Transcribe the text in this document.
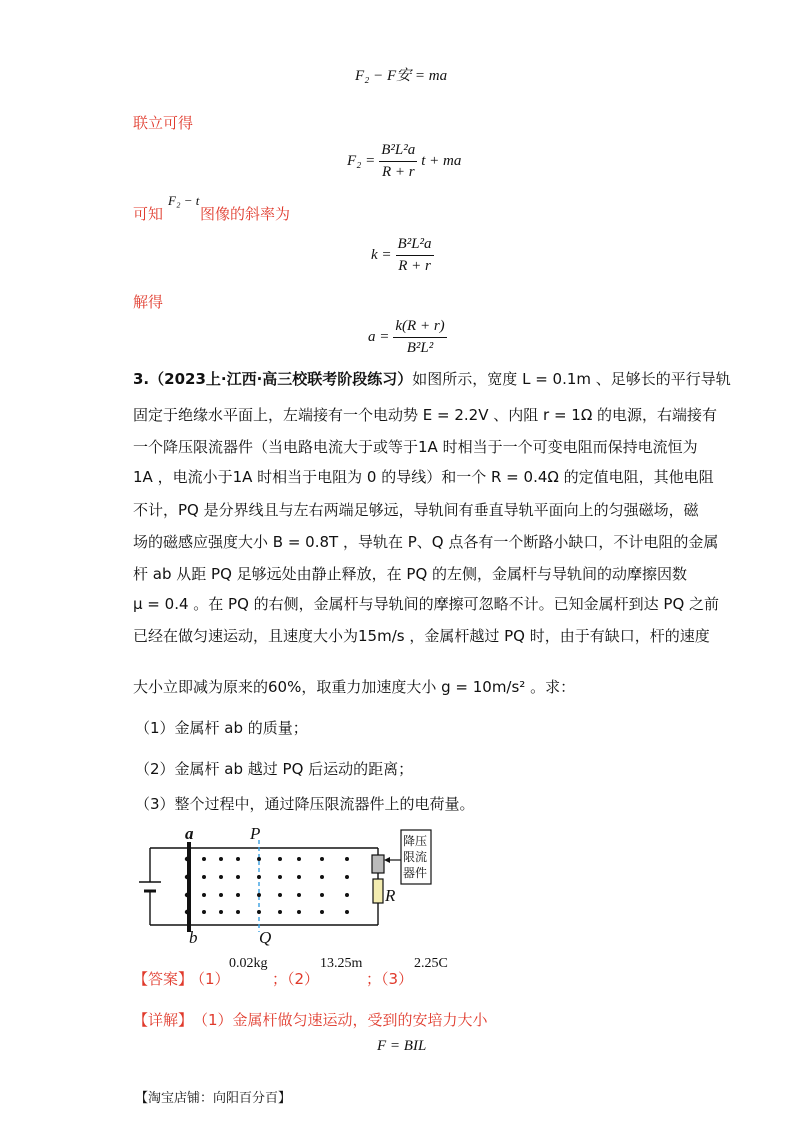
F₂ − F安 = ma
联立可得
$F_2 = \frac{\text{B²L²a}}{R + r}$ t + ma
可知
F₂ − t
图像的斜率为
$k = \frac{\text{B²L²a}}{R + r}$
解得
$a = \frac{k(R + r)}{\text{B²L²}}$
3.（2023上·江西·高三校联考阶段练习）如图所示，宽度 L = 0.1m 、足够长的平行导轨
固定于绝缘水平面上，左端接有一个电动势 E = 2.2V 、内阻 r = 1Ω 的电源，右端接有
一个降压限流器件（当电路电流大于或等于1A 时相当于一个可变电阻而保持电流恒为
1A ，电流小于1A 时相当于电阻为 0 的导线）和一个 R = 0.4Ω 的定值电阻，其他电阻
不计，PQ 是分界线且与左右两端足够远，导轨间有垂直导轨平面向上的匀强磁场，磁
场的磁感应强度大小 B = 0.8T ，导轨在 P、Q 点各有一个断路小缺口，不计电阻的金属
杆 ab 从距 PQ 足够远处由静止释放，在 PQ 的左侧，金属杆与导轨间的动摩擦因数
μ = 0.4 。在 PQ 的右侧，金属杆与导轨间的摩擦可忽略不计。已知金属杆到达 PQ 之前
已经在做匀速运动，且速度大小为15m/s ，金属杆越过 PQ 时，由于有缺口，杆的速度
大小立即减为原来的60%，取重力加速度大小 g = 10m/s² 。求：
（1）金属杆 ab 的质量；
（2）金属杆 ab 越过 PQ 后运动的距离；
（3）整个过程中，通过降压限流器件上的电荷量。
a
b
P
Q
R
降压
限流
器件
【答案】
（1）
0.02kg
；（2）
13.25m
；（3）
2.25C
【详解】 （1）金属杆做匀速运动，受到的安培力大小
F = BIL
【淘宝店铺：向阳百分百】
